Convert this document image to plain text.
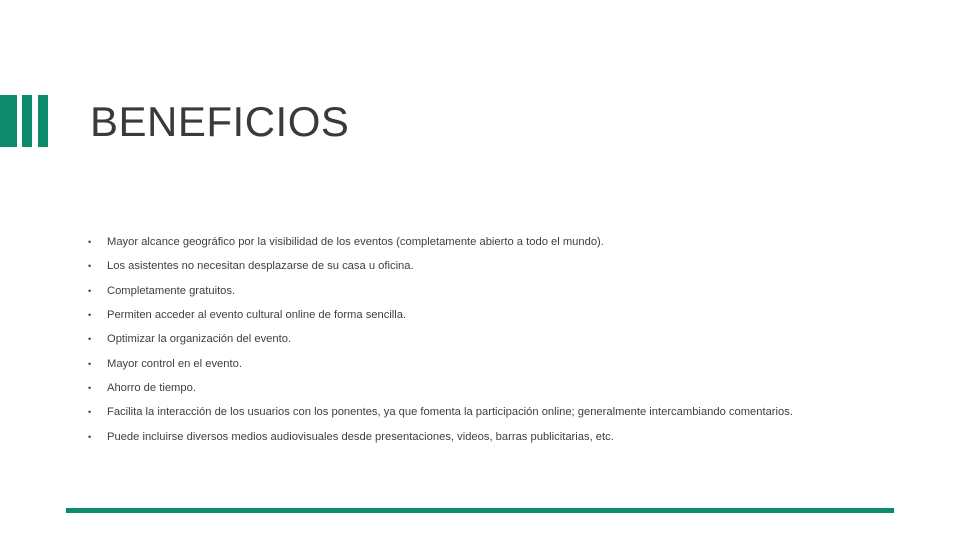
BENEFICIOS
•	Mayor alcance geográfico por la visibilidad de los eventos (completamente abierto a todo el mundo).
•	Los asistentes no necesitan desplazarse de su casa u oficina.
•	Completamente gratuitos.
•	Permiten acceder al evento cultural online de forma sencilla.
•	Optimizar la organización del evento.
•	Mayor control en el evento.
•	Ahorro de tiempo.
•	Facilita la interacción de los usuarios con los ponentes, ya que fomenta la participación online; generalmente intercambiando comentarios.
•	Puede incluirse diversos medios audiovisuales desde presentaciones, videos, barras publicitarias, etc.
